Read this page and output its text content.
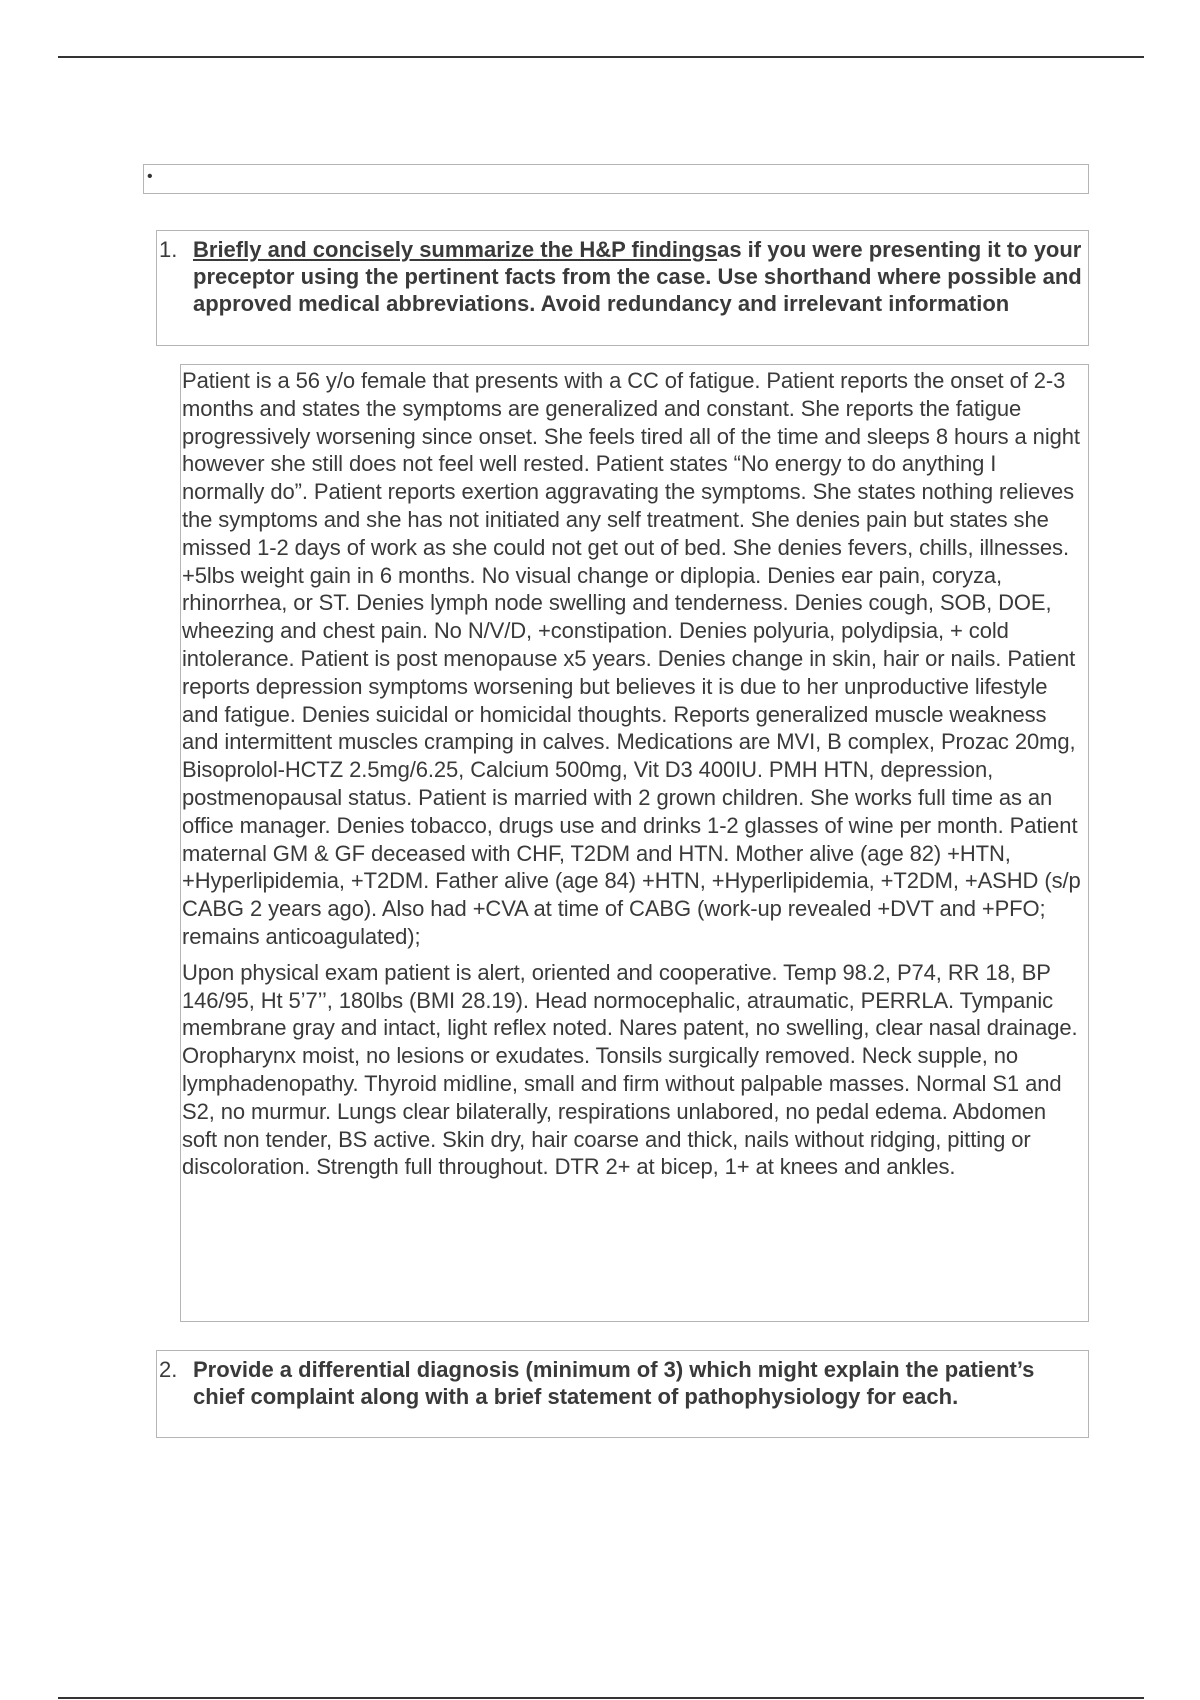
•
1. Briefly and concisely summarize the H&P findingsas if you were presenting it to your preceptor using the pertinent facts from the case. Use shorthand where possible and approved medical abbreviations. Avoid redundancy and irrelevant information

Patient is a 56 y/o female that presents with a CC of fatigue. Patient reports the onset of 2-3 months and states the symptoms are generalized and constant. She reports the fatigue progressively worsening since onset. She feels tired all of the time and sleeps 8 hours a night however she still does not feel well rested. Patient states “No energy to do anything I normally do”. Patient reports exertion aggravating the symptoms. She states nothing relieves the symptoms and she has not initiated any self treatment. She denies pain but states she missed 1-2 days of work as she could not get out of bed. She denies fevers, chills, illnesses. +5lbs weight gain in 6 months. No visual change or diplopia. Denies ear pain, coryza, rhinorrhea, or ST. Denies lymph node swelling and tenderness. Denies cough, SOB, DOE, wheezing and chest pain. No N/V/D, +constipation. Denies polyuria, polydipsia, + cold intolerance. Patient is post menopause x5 years. Denies change in skin, hair or nails. Patient reports depression symptoms worsening but believes it is due to her unproductive lifestyle and fatigue. Denies suicidal or homicidal thoughts. Reports generalized muscle weakness and intermittent muscles cramping in calves. Medications are MVI, B complex, Prozac 20mg, Bisoprolol-HCTZ 2.5mg/6.25, Calcium 500mg, Vit D3 400IU. PMH HTN, depression, postmenopausal status. Patient is married with 2 grown children. She works full time as an office manager. Denies tobacco, drugs use and drinks 1-2 glasses of wine per month. Patient maternal GM & GF deceased with CHF, T2DM and HTN. Mother alive (age 82) +HTN, +Hyperlipidemia, +T2DM. Father alive (age 84) +HTN, +Hyperlipidemia, +T2DM, +ASHD (s/p CABG 2 years ago). Also had +CVA at time of CABG (work-up revealed +DVT and +PFO; remains anticoagulated);

Upon physical exam patient is alert, oriented and cooperative. Temp 98.2, P74, RR 18, BP 146/95, Ht 5’7’’, 180lbs (BMI 28.19). Head normocephalic, atraumatic, PERRLA. Tympanic membrane gray and intact, light reflex noted. Nares patent, no swelling, clear nasal drainage. Oropharynx moist, no lesions or exudates. Tonsils surgically removed. Neck supple, no lymphadenopathy. Thyroid midline, small and firm without palpable masses. Normal S1 and S2, no murmur. Lungs clear bilaterally, respirations unlabored, no pedal edema. Abdomen soft non tender, BS active. Skin dry, hair coarse and thick, nails without ridging, pitting or discoloration. Strength full throughout. DTR 2+ at bicep, 1+ at knees and ankles.

2. Provide a differential diagnosis (minimum of 3) which might explain the patient’s chief complaint along with a brief statement of pathophysiology for each.
